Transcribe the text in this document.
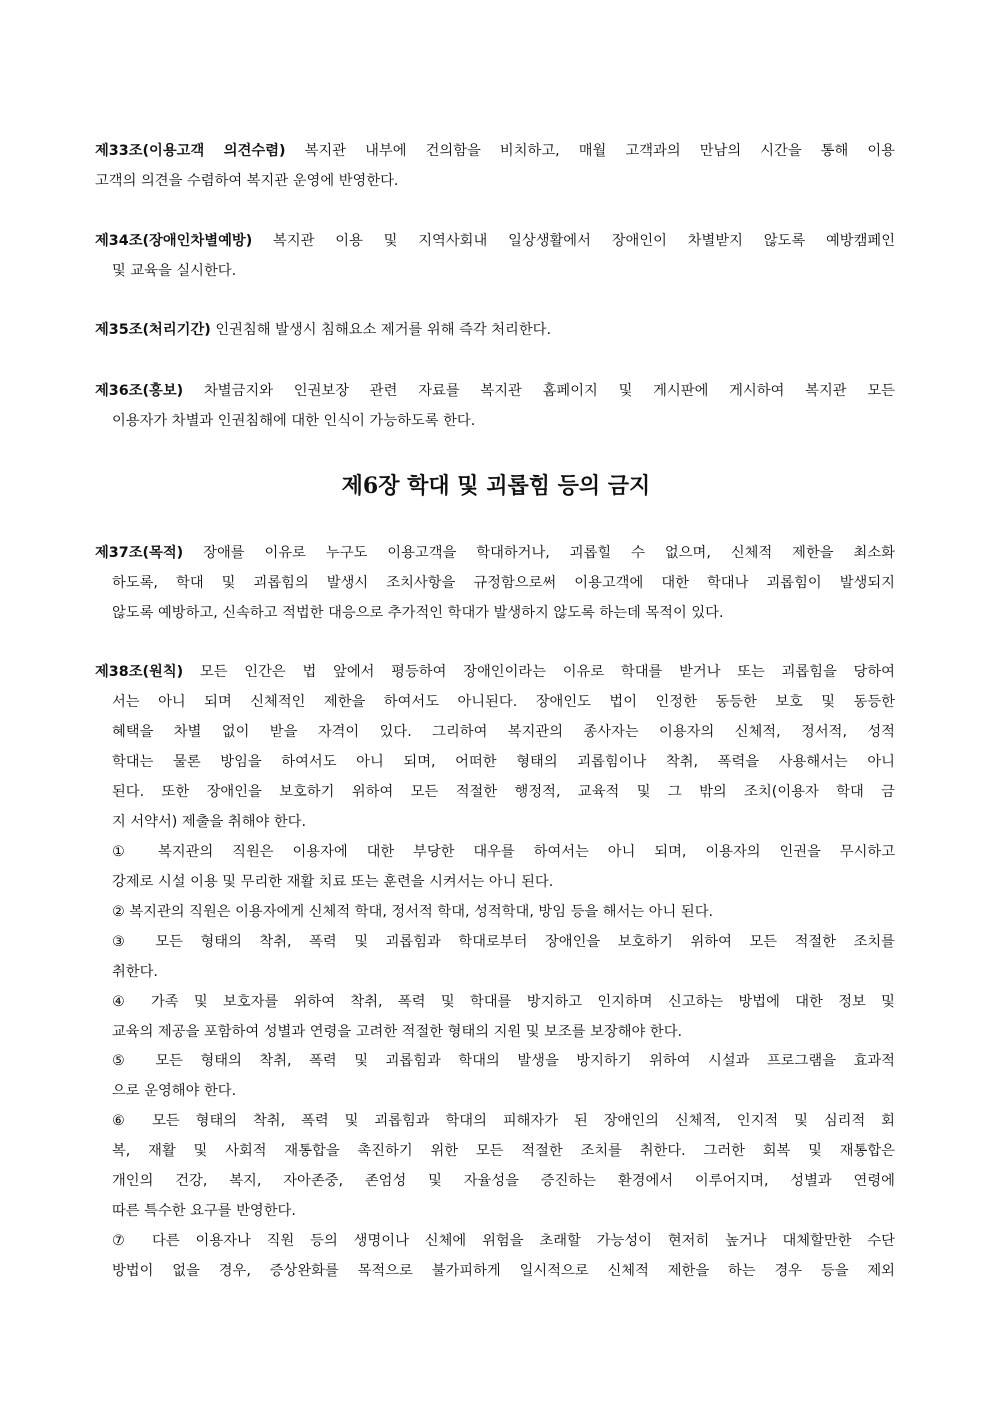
제33조(이용고객 의견수렴) 복지관 내부에 건의함을 비치하고, 매월 고객과의 만남의 시간을 통해 이용
고객의 의견을 수렴하여 복지관 운영에 반영한다.
제34조(장애인차별예방) 복지관 이용 및 지역사회내 일상생활에서 장애인이 차별받지 않도록 예방캠페인
및 교육을 실시한다.
제35조(처리기간) 인권침해 발생시 침해요소 제거를 위해 즉각 처리한다.
제36조(홍보) 차별금지와 인권보장 관련 자료를 복지관 홈페이지 및 게시판에 게시하여 복지관 모든
이용자가 차별과 인권침해에 대한 인식이 가능하도록 한다.
제6장 학대 및 괴롭힘 등의 금지
제37조(목적) 장애를 이유로 누구도 이용고객을 학대하거나, 괴롭힐 수 없으며, 신체적 제한을 최소화
하도록, 학대 및 괴롭힘의 발생시 조치사항을 규정함으로써 이용고객에 대한 학대나 괴롭힘이 발생되지
않도록 예방하고, 신속하고 적법한 대응으로 추가적인 학대가 발생하지 않도록 하는데 목적이 있다.
제38조(원칙) 모든 인간은 법 앞에서 평등하여 장애인이라는 이유로 학대를 받거나 또는 괴롭힘을 당하여
서는 아니 되며 신체적인 제한을 하여서도 아니된다. 장애인도 법이 인정한 동등한 보호 및 동등한
혜택을 차별 없이 받을 자격이 있다. 그리하여 복지관의 종사자는 이용자의 신체적, 정서적, 성적
학대는 물론 방임을 하여서도 아니 되며, 어떠한 형태의 괴롭힘이나 착취, 폭력을 사용해서는 아니
된다. 또한 장애인을 보호하기 위하여 모든 적절한 행정적, 교육적 및 그 밖의 조치(이용자 학대 금
지 서약서) 제출을 취해야 한다.
① 복지관의 직원은 이용자에 대한 부당한 대우를 하여서는 아니 되며, 이용자의 인권을 무시하고
강제로 시설 이용 및 무리한 재활 치료 또는 훈련을 시켜서는 아니 된다.
② 복지관의 직원은 이용자에게 신체적 학대, 정서적 학대, 성적학대, 방임 등을 해서는 아니 된다.
③ 모든 형태의 착취, 폭력 및 괴롭힘과 학대로부터 장애인을 보호하기 위하여 모든 적절한 조치를
취한다.
④ 가족 및 보호자를 위하여 착취, 폭력 및 학대를 방지하고 인지하며 신고하는 방법에 대한 정보 및
교육의 제공을 포함하여 성별과 연령을 고려한 적절한 형태의 지원 및 보조를 보장해야 한다.
⑤ 모든 형태의 착취, 폭력 및 괴롭힘과 학대의 발생을 방지하기 위하여 시설과 프로그램을 효과적
으로 운영해야 한다.
⑥ 모든 형태의 착취, 폭력 및 괴롭힘과 학대의 피해자가 된 장애인의 신체적, 인지적 및 심리적 회
복, 재활 및 사회적 재통합을 촉진하기 위한 모든 적절한 조치를 취한다. 그러한 회복 및 재통합은
개인의 건강, 복지, 자아존중, 존엄성 및 자율성을 증진하는 환경에서 이루어지며, 성별과 연령에
따른 특수한 요구를 반영한다.
⑦ 다른 이용자나 직원 등의 생명이나 신체에 위험을 초래할 가능성이 현저히 높거나 대체할만한 수단
방법이 없을 경우, 증상완화를 목적으로 불가피하게 일시적으로 신체적 제한을 하는 경우 등을 제외
